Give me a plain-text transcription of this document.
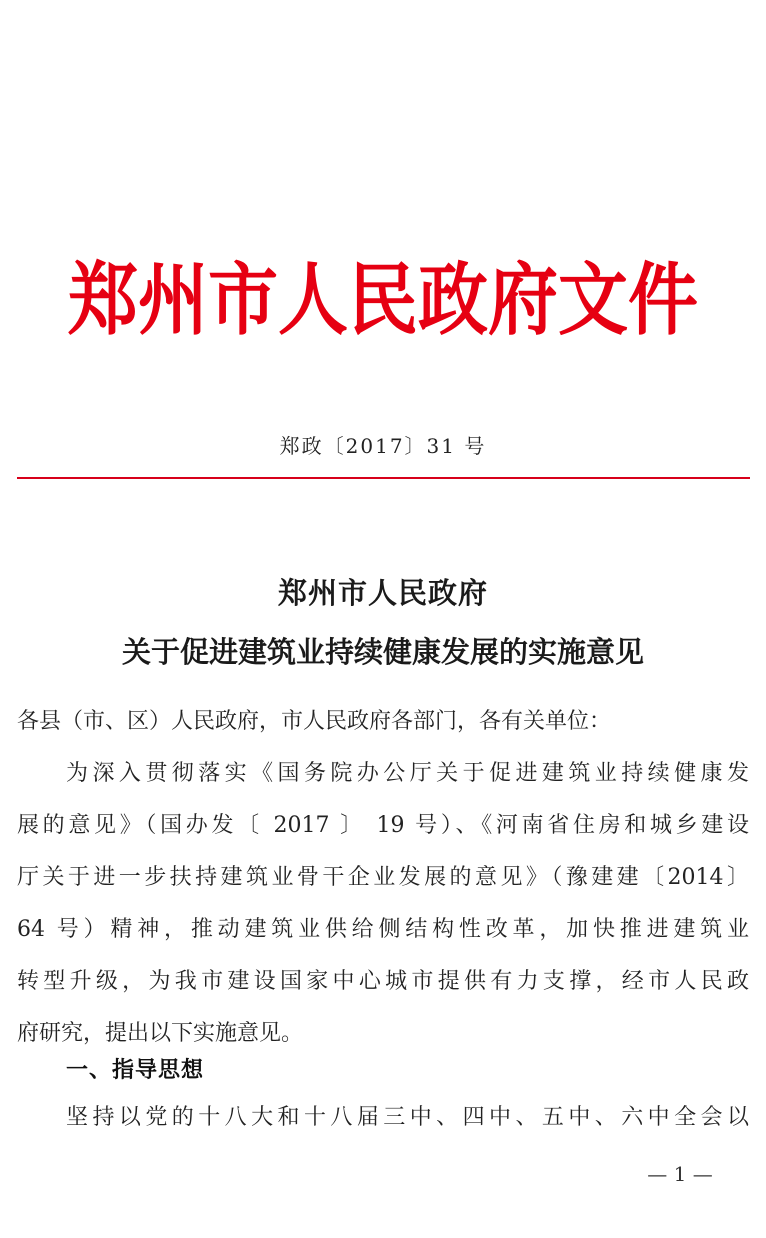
郑州市人民政府文件
郑政〔2017〕31 号
郑州市人民政府
关于促进建筑业持续健康发展的实施意见
各县（市、区）人民政府，市人民政府各部门，各有关单位：
为深入贯彻落实《国务院办公厅关于促进建筑业持续健康发
展的意见》（国办发〔 2017 〕 19 号）、《河南省住房和城乡建设
厅关于进一步扶持建筑业骨干企业发展的意见》（豫建建〔2014〕
64 号）精神，推动建筑业供给侧结构性改革，加快推进建筑业
转型升级，为我市建设国家中心城市提供有力支撑，经市人民政
府研究，提出以下实施意见。
一、指导思想
坚持以党的十八大和十八届三中、四中、五中、六中全会以
— 1 —
